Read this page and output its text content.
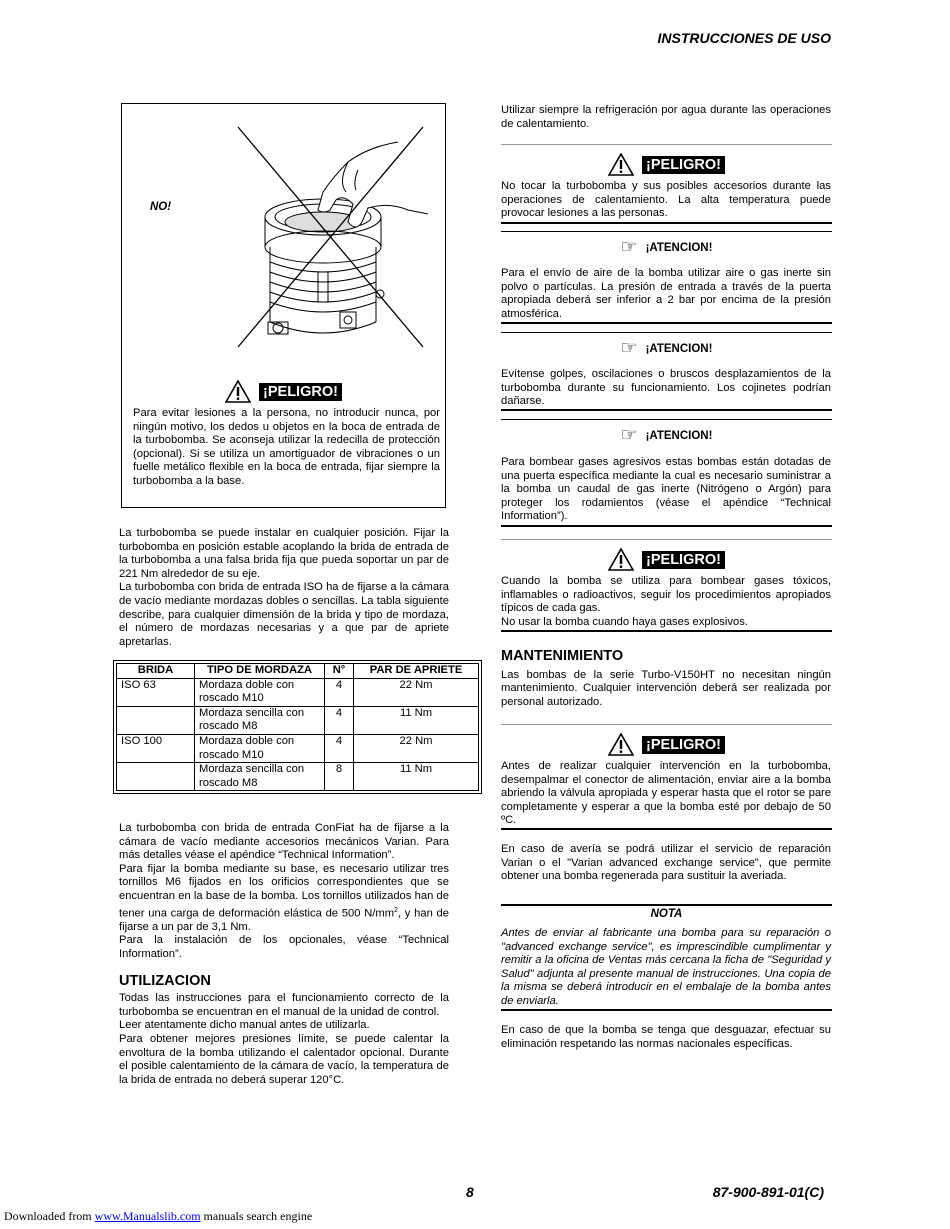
INSTRUCCIONES DE USO
NO!
¡PELIGRO!
Para evitar lesiones a la persona, no introducir nunca, por ningún motivo, los dedos u objetos en la boca de entrada de la turbobomba. Se aconseja utilizar la redecilla de protección (opcional). Si se utiliza un amortiguador de vibraciones o un fuelle metálico flexible en la boca de entrada, fijar siempre la turbobomba a la base.

La turbobomba se puede instalar en cualquier posición. Fijar la turbobomba en posición estable acoplando la brida de entrada de la turbobomba a una falsa brida fija que pueda soportar un par de 221 Nm alrededor de su eje.

La turbobomba con brida de entrada ISO ha de fijarse a la cámara de vacío mediante mordazas dobles o sencillas. La tabla siguiente describe, para cualquier dimensión de la brida y tipo de mordaza, el número de mordazas necesarias y a que par de apriete apretarlas.

BRIDA	TIPO DE MORDAZA	N°	PAR DE APRIETE
ISO 63	Mordaza doble con roscado M10	4	22 Nm
	Mordaza sencilla con roscado M8	4	11 Nm
ISO 100	Mordaza doble con roscado M10	4	22 Nm
	Mordaza sencilla con roscado M8	8	11 Nm

La turbobomba con brida de entrada ConFiat ha de fijarse a la cámara de vacío mediante accesorios mecánicos Varian. Para más detalles véase el apéndice “Technical Information”.

Para fijar la bomba mediante su base, es necesario utilizar tres tornillos M6 fijados en los orificios correspondientes que se encuentran en la base de la bomba. Los tornillos utilizados han de tener una carga de deformación elástica de 500 $N/mm^2$, y han de fijarse a un par de 3,1 Nm.

Para la instalación de los opcionales, véase “Technical Information”.

UTILIZACION

Todas las instrucciones para el funcionamiento correcto de la turbobomba se encuentran en el manual de la unidad de control.

Leer atentamente dicho manual antes de utilizarla.

Para obtener mejores presiones límite, se puede calentar la envoltura de la bomba utilizando el calentador opcional. Durante el posible calentamiento de la cámara de vacío, la temperatura de la brida de entrada no deberá superar 120°C.

Utilizar siempre la refrigeración por agua durante las operaciones de calentamiento.
¡PELIGRO!
No tocar la turbobomba y sus posibles accesorios durante las operaciones de calentamiento. La alta temperatura puede provocar lesiones a las personas.
☞ ¡ATENCION!
Para el envío de aire de la bomba utilizar aire o gas inerte sin polvo o partículas. La presión de entrada a través de la puerta apropiada deberá ser inferior a 2 bar por encima de la presión atmosférica.
☞ ¡ATENCION!
Evítense golpes, oscilaciones o bruscos desplazamientos de la turbobomba durante su funcionamiento. Los cojinetes podrían dañarse.
☞ ¡ATENCION!
Para bombear gases agresivos estas bombas están dotadas de una puerta específica mediante la cual es necesario suministrar a la bomba un caudal de gas inerte (Nitrógeno o Argón) para proteger los rodamientos (véase el apéndice “Technical Information”).
¡PELIGRO!

Cuando la bomba se utiliza para bombear gases tóxicos, inflamables o radioactivos, seguir los procedimientos apropiados típicos de cada gas.

No usar la bomba cuando haya gases explosivos.

MANTENIMIENTO

Las bombas de la serie Turbo-V150HT no necesitan ningún mantenimiento. Cualquier intervención deberá ser realizada por personal autorizado.

¡PELIGRO!
Antes de realizar cualquier intervención en la turbobomba, desempalmar el conector de alimentación, enviar aire a la bomba abriendo la válvula apropiada y esperar hasta que el rotor se pare completamente y esperar a que la bomba esté por debajo de 50 ºC.
En caso de avería se podrá utilizar el servicio de reparación Varian o el "Varian advanced exchange service", que permite obtener una bomba regenerada para sustituir la averiada.
NOTA
Antes de enviar al fabricante una bomba para su reparación o "advanced exchange service", es imprescindible cumplimentar y remitir a la oficina de Ventas más cercana la ficha de "Seguridad y Salud" adjunta al presente manual de instrucciones. Una copia de la misma se deberá introducir en el embalaje de la bomba antes de enviarla.
En caso de que la bomba se tenga que desguazar, efectuar su eliminación respetando las normas nacionales específicas.
8	87-900-891-01(C)
Downloaded from www.Manualslib.com manuals search engine
